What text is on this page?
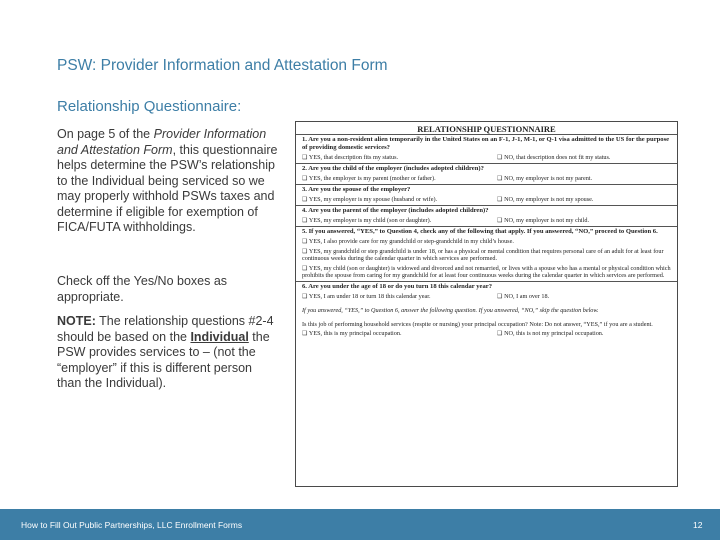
PSW: Provider Information and Attestation Form
Relationship Questionnaire:
On page 5 of the Provider Information and Attestation Form, this questionnaire helps determine the PSW’s relationship to the Individual being serviced so we may properly withhold PSWs taxes and determine if eligible for exemption of FICA/FUTA withholdings.
Check off the Yes/No boxes as appropriate.
NOTE: The relationship questions #2-4 should be based on the Individual the PSW provides services to – (not the “employer” if this is different person than the Individual).
RELATIONSHIP QUESTIONNAIRE
1. Are you a non-resident alien temporarily in the United States on an F-1, J-1, M-1, or Q-1 visa admitted to the US for the purpose of providing domestic services?
❑ YES, that description fits my status.	❑ NO, that description does not fit my status.
2. Are you the child of the employer (includes adopted children)?
❑ YES, the employer is my parent (mother or father).	❑ NO, my employer is not my parent.
3. Are you the spouse of the employer?
❑ YES, my employer is my spouse (husband or wife).	❑ NO, my employer is not my spouse.
4. Are you the parent of the employer (includes adopted children)?
❑ YES, my employer is my child (son or daughter).	❑ NO, my employer is not my child.
5. If you answered, “YES,” to Question 4, check any of the following that apply. If you answered, “NO,” proceed to Question 6.
❑ YES, I also provide care for my grandchild or step-grandchild in my child’s house.
❑ YES, my grandchild or step grandchild is under 18, or has a physical or mental condition that requires personal care of an adult for at least four continuous weeks during the calendar quarter in which services are performed.
❑ YES, my child (son or daughter) is widowed and divorced and not remarried, or lives with a spouse who has a mental or physical condition which prohibits the spouse from caring for my grandchild for at least four continuous weeks during the calendar quarter in which services are performed.
6. Are you under the age of 18 or do you turn 18 this calendar year?
❑ YES, I am under 18 or turn 18 this calendar year.	❑ NO, I am over 18.
If you answered, “YES,” to Question 6, answer the following question. If you answered, “NO,” skip the question below.
Is this job of performing household services (respite or nursing) your principal occupation? Note: Do not answer, “YES,” if you are a student.
❑ YES, this is my principal occupation.	❑ NO, this is not my principal occupation.
How to Fill Out Public Partnerships, LLC Enrollment Forms	12
